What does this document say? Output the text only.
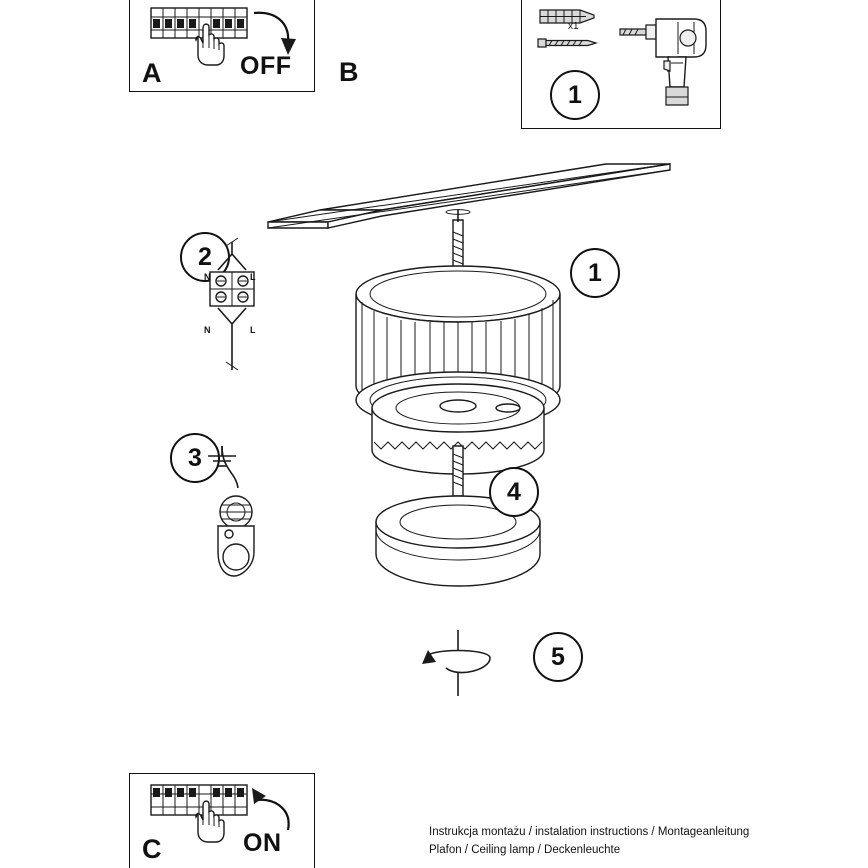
OFF B
x1
1
1
4
5
2
N	L
N	L
3
ON
C
A
Instrukcja montażu / instalation instructions / Montageanleitung
Plafon / Ceiling lamp / Deckenleuchte
